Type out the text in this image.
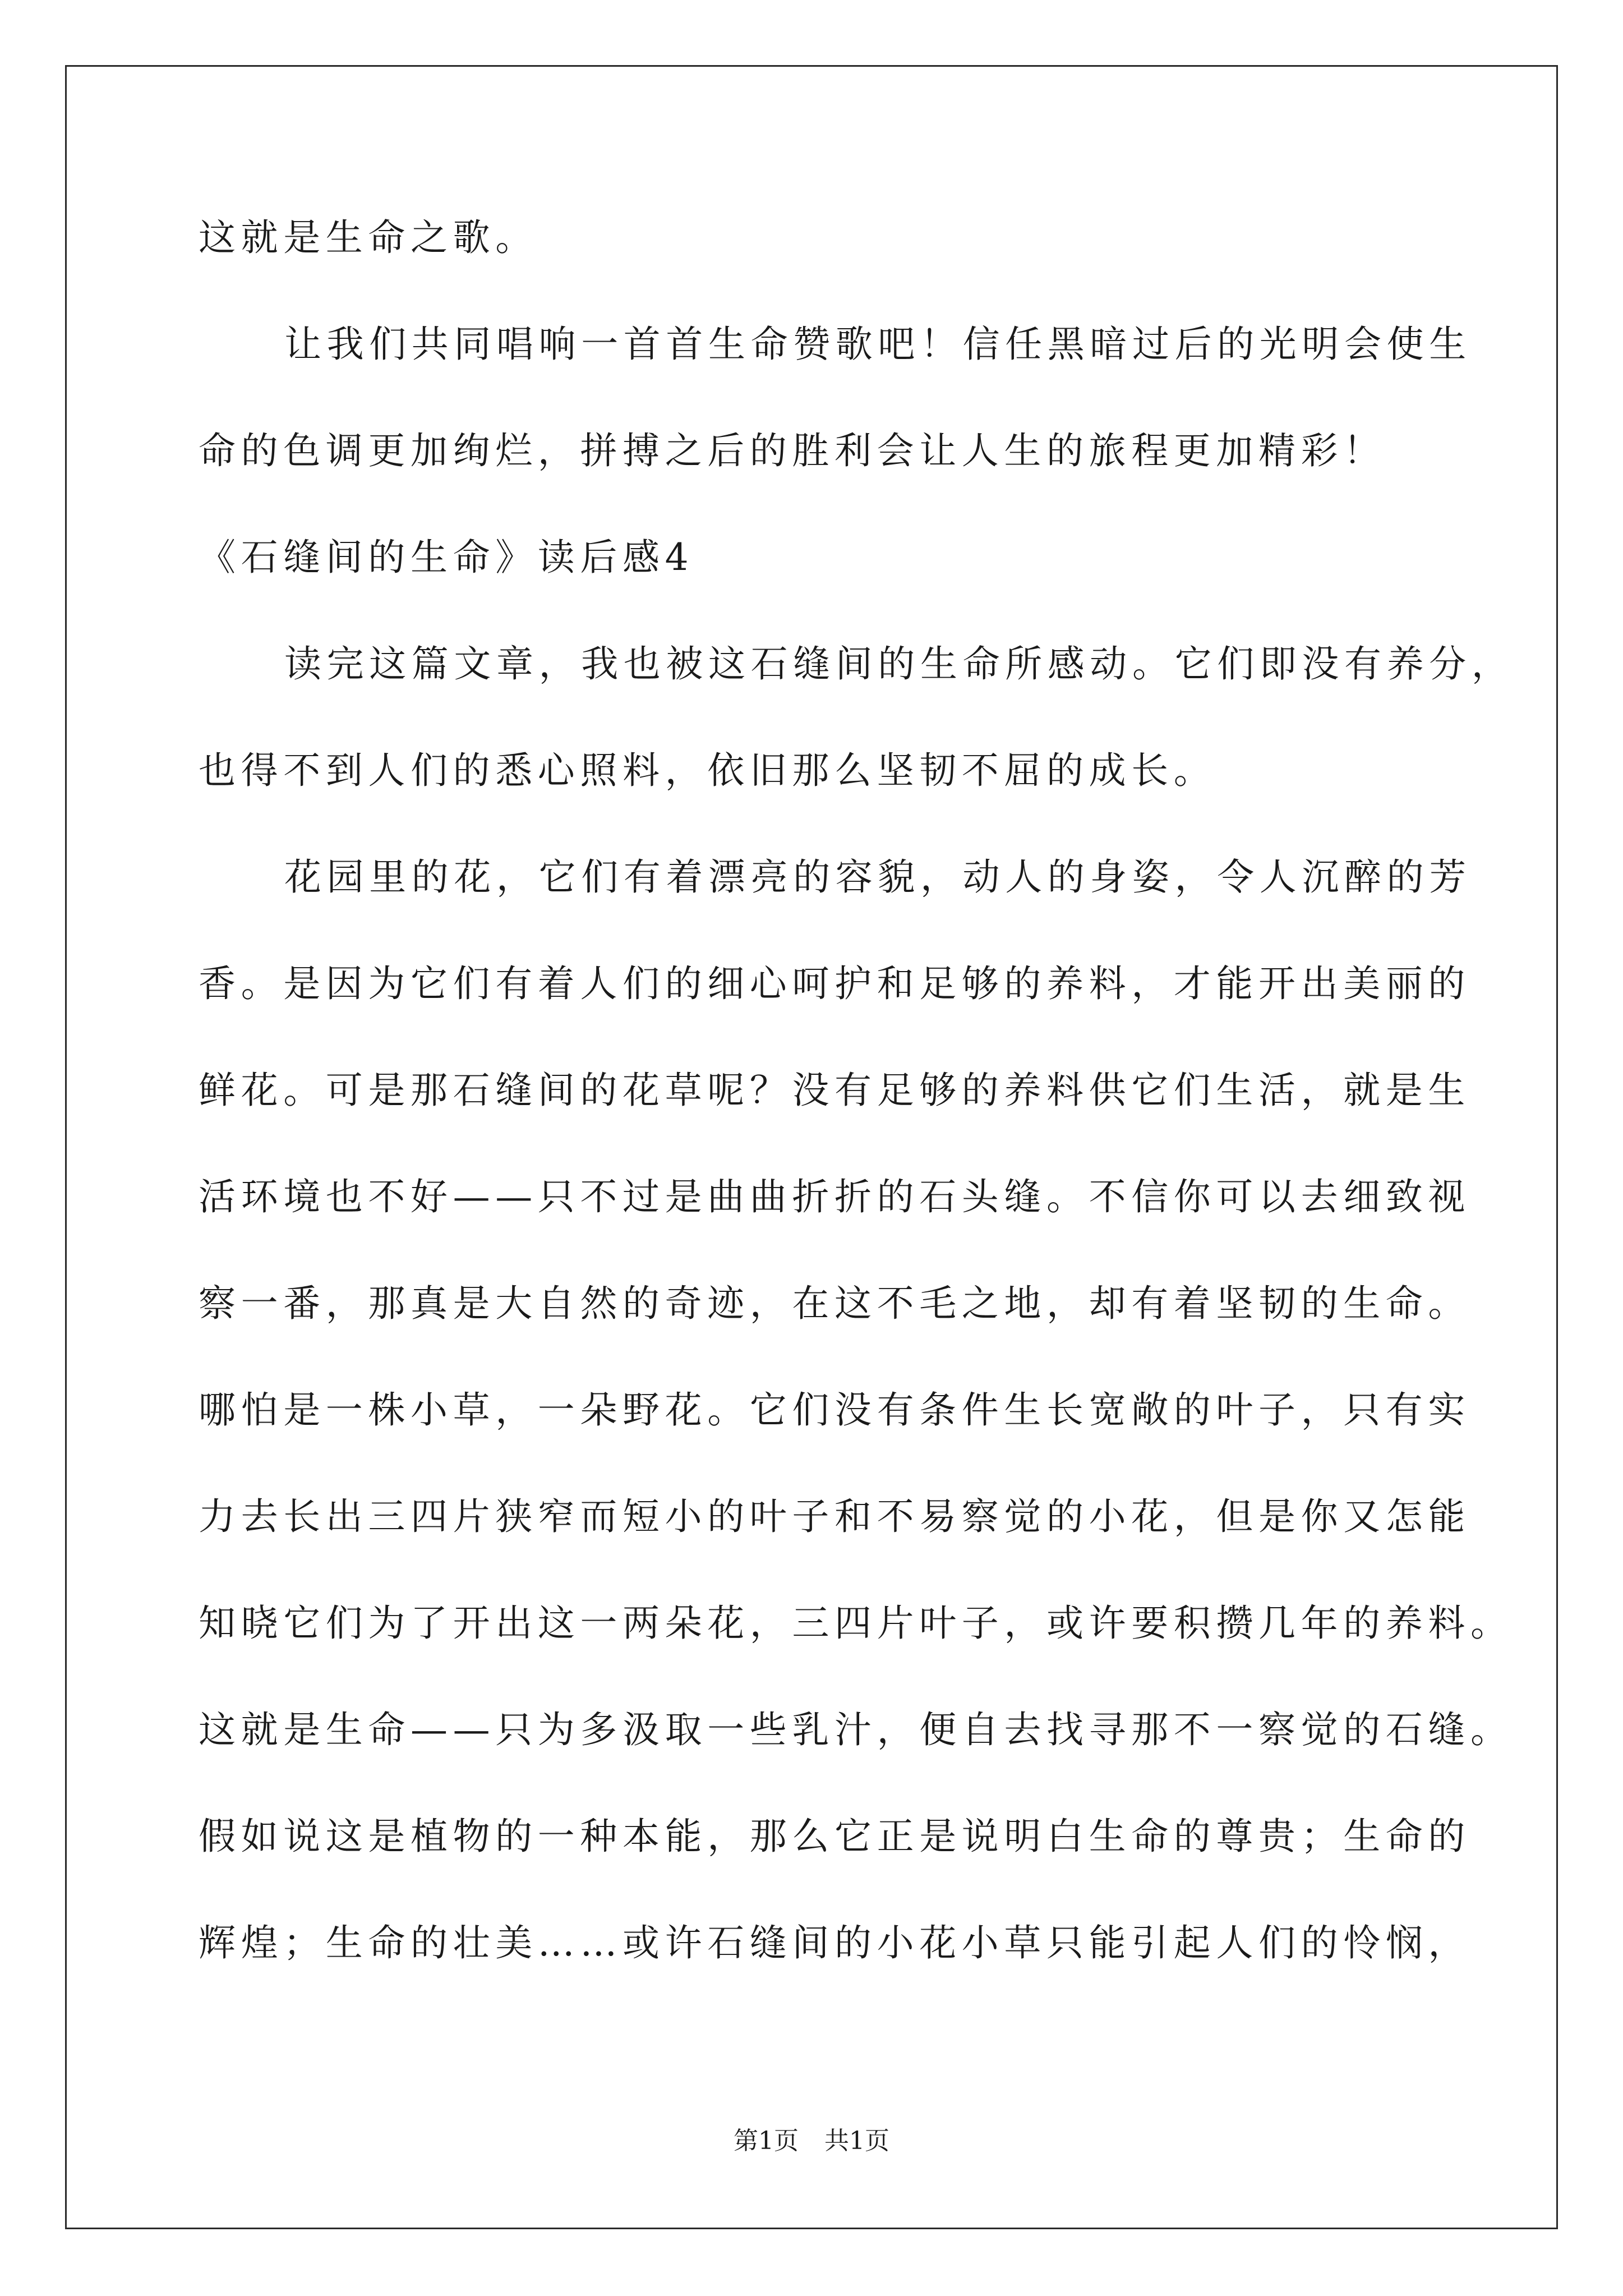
这就是生命之歌。
让我们共同唱响一首首生命赞歌吧！信任黑暗过后的光明会使生
命的色调更加绚烂，拼搏之后的胜利会让人生的旅程更加精彩！
《石缝间的生命》读后感4
读完这篇文章，我也被这石缝间的生命所感动。它们即没有养分，
也得不到人们的悉心照料，依旧那么坚韧不屈的成长。
花园里的花，它们有着漂亮的容貌，动人的身姿，令人沉醉的芳
香。是因为它们有着人们的细心呵护和足够的养料，才能开出美丽的
鲜花。可是那石缝间的花草呢？没有足够的养料供它们生活，就是生
活环境也不好——只不过是曲曲折折的石头缝。不信你可以去细致视
察一番，那真是大自然的奇迹，在这不毛之地，却有着坚韧的生命。
哪怕是一株小草，一朵野花。它们没有条件生长宽敞的叶子，只有实
力去长出三四片狭窄而短小的叶子和不易察觉的小花，但是你又怎能
知晓它们为了开出这一两朵花，三四片叶子，或许要积攒几年的养料。
这就是生命——只为多汲取一些乳汁，便自去找寻那不一察觉的石缝。
假如说这是植物的一种本能，那么它正是说明白生命的尊贵；生命的
辉煌；生命的壮美……或许石缝间的小花小草只能引起人们的怜悯，
第1页 共1页
